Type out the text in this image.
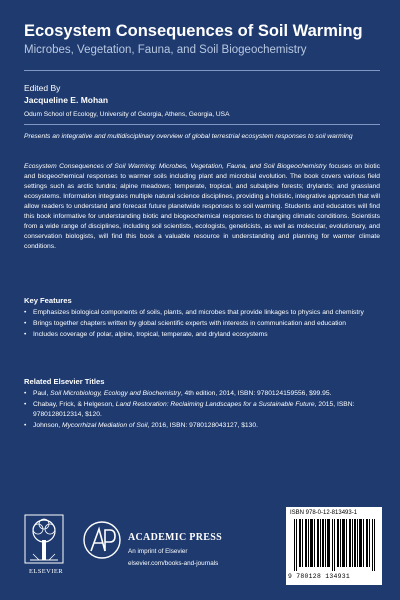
Ecosystem Consequences of Soil Warming
Microbes, Vegetation, Fauna, and Soil Biogeochemistry
Edited By
Jacqueline E. Mohan
Odum School of Ecology, University of Georgia, Athens, Georgia, USA
Presents an integrative and multidisciplinary overview of global terrestrial ecosystem responses to soil warming
Ecosystem Consequences of Soil Warming: Microbes, Vegetation, Fauna, and Soil Biogeochemistry focuses on biotic and biogeochemical responses to warmer soils including plant and microbial evolution. The book covers various field settings such as arctic tundra; alpine meadows; temperate, tropical, and subalpine forests; drylands; and grassland ecosystems. Information integrates multiple natural science disciplines, providing a holistic, integrative approach that will allow readers to understand and forecast future planetwide responses to soil warming. Students and educators will find this book informative for understanding biotic and biogeochemical responses to changing climatic conditions. Scientists from a wide range of disciplines, including soil scientists, ecologists, geneticists, as well as molecular, evolutionary, and conservation biologists, will find this book a valuable resource in understanding and planning for warmer climate conditions.
Key Features
• Emphasizes biological components of soils, plants, and microbes that provide linkages to physics and chemistry
• Brings together chapters written by global scientific experts with interests in communication and education
• Includes coverage of polar, alpine, tropical, temperate, and dryland ecosystems
Related Elsevier Titles
• Paul, Soil Microbiology, Ecology and Biochemistry, 4th edition, 2014, ISBN: 9780124159556, $99.95.
• Chabay, Frick, & Helgeson, Land Restoration: Reclaiming Landscapes for a Sustainable Future, 2015, ISBN: 9780128012314, $120.
• Johnson, Mycorrhizal Mediation of Soil, 2016, ISBN: 9780128043127, $130.
ELSEVIER
ACADEMIC PRESS
An imprint of Elsevier
elsevier.com/books-and-journals
ISBN 978-0-12-813493-1
9 780128 134931
